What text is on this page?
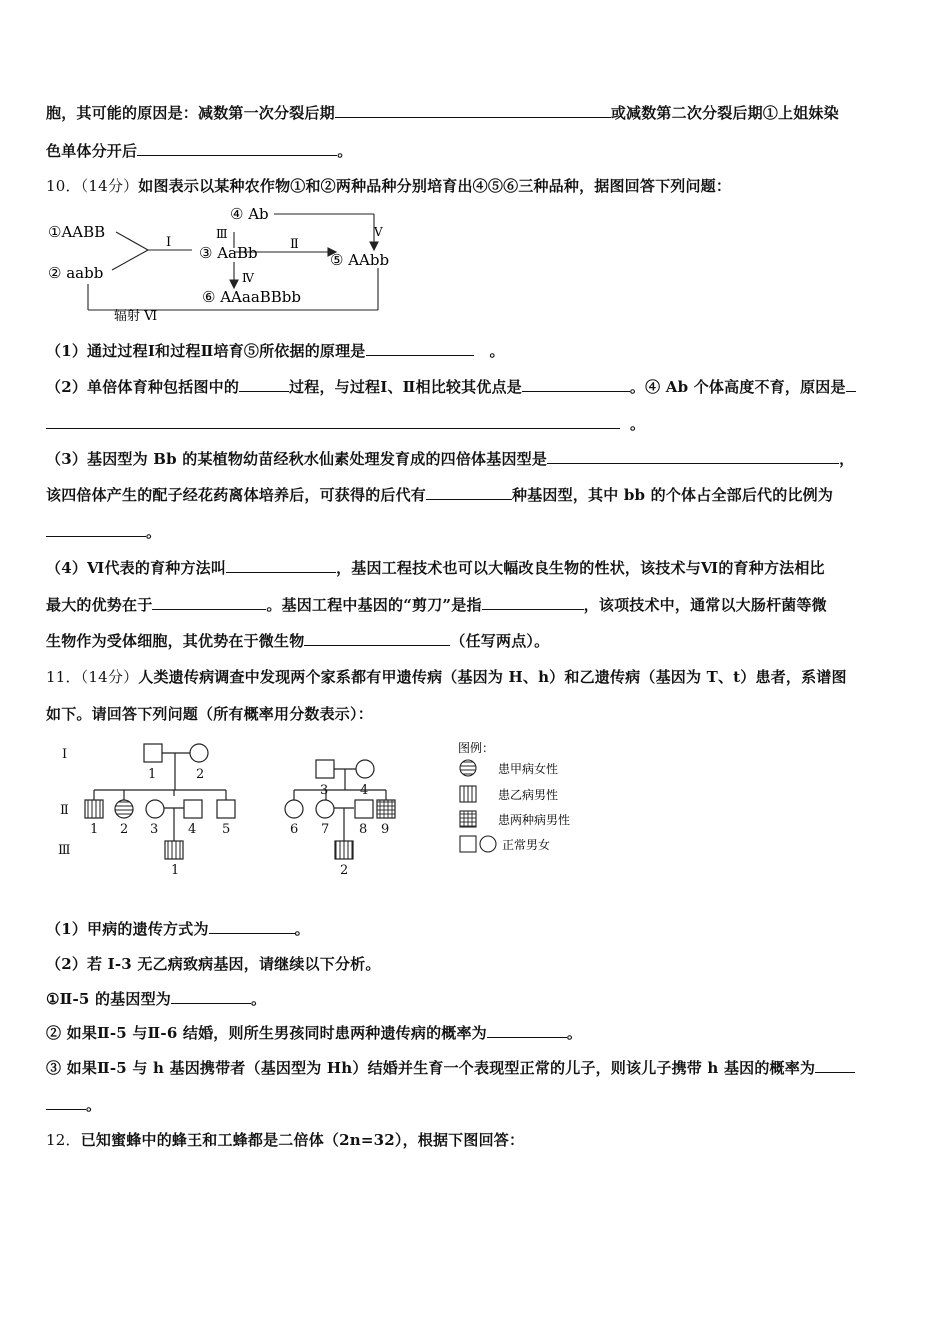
胞，其可能的原因是：减数第一次分裂后期	或减数第二次分裂后期①上姐妹染
色单体分开后	。
10．（14分）如图表示以某种农作物①和②两种品种分别培育出④⑤⑥三种品种，据图回答下列问题：
①AABB
② aabb
③ AaBb
④ Ab
⑤ AAbb
⑥ AAaaBBbb
Ⅰ	Ⅱ
Ⅲ
Ⅳ
Ⅴ
辐射 Ⅵ
（1）通过过程Ⅰ和过程Ⅱ培育⑤所依据的原理是	。
（2）单倍体育种包括图中的	过程，与过程Ⅰ、Ⅱ相比较其优点是	。④ Ab 个体高度不育，原因是
。
（3）基因型为 Bb 的某植物幼苗经秋水仙素处理发育成的四倍体基因型是	，
该四倍体产生的配子经花药离体培养后，可获得的后代有	种基因型，其中 bb 的个体占全部后代的比例为
。
（4）Ⅵ代表的育种方法叫	，基因工程技术也可以大幅改良生物的性状，该技术与Ⅵ的育种方法相比
最大的优势在于	。基因工程中基因的“剪刀”是指	，该项技术中，通常以大肠杆菌等微
生物作为受体细胞，其优势在于微生物	（任写两点）。
11．（14分）人类遗传病调查中发现两个家系都有甲遗传病（基因为 H、h）和乙遗传病（基因为 T、t）患者，系谱图
如下。请回答下列问题（所有概率用分数表示）：
Ⅰ
Ⅱ
Ⅲ
1	2
1 2 3 4 5
1
3 4
6 7 8 9
2
图例：
患甲病女性
患乙病男性
患两种病男性
正常男女
（1）甲病的遗传方式为	。
（2）若 I-3 无乙病致病基因，请继续以下分析。
①Ⅱ-5 的基因型为	。
② 如果Ⅱ-5 与Ⅱ-6 结婚，则所生男孩同时患两种遗传病的概率为	。
③ 如果Ⅱ-5 与 h 基因携带者（基因型为 Hh）结婚并生育一个表现型正常的儿子，则该儿子携带 h 基因的概率为
。
12．已知蜜蜂中的蜂王和工蜂都是二倍体（2n=32），根据下图回答：
